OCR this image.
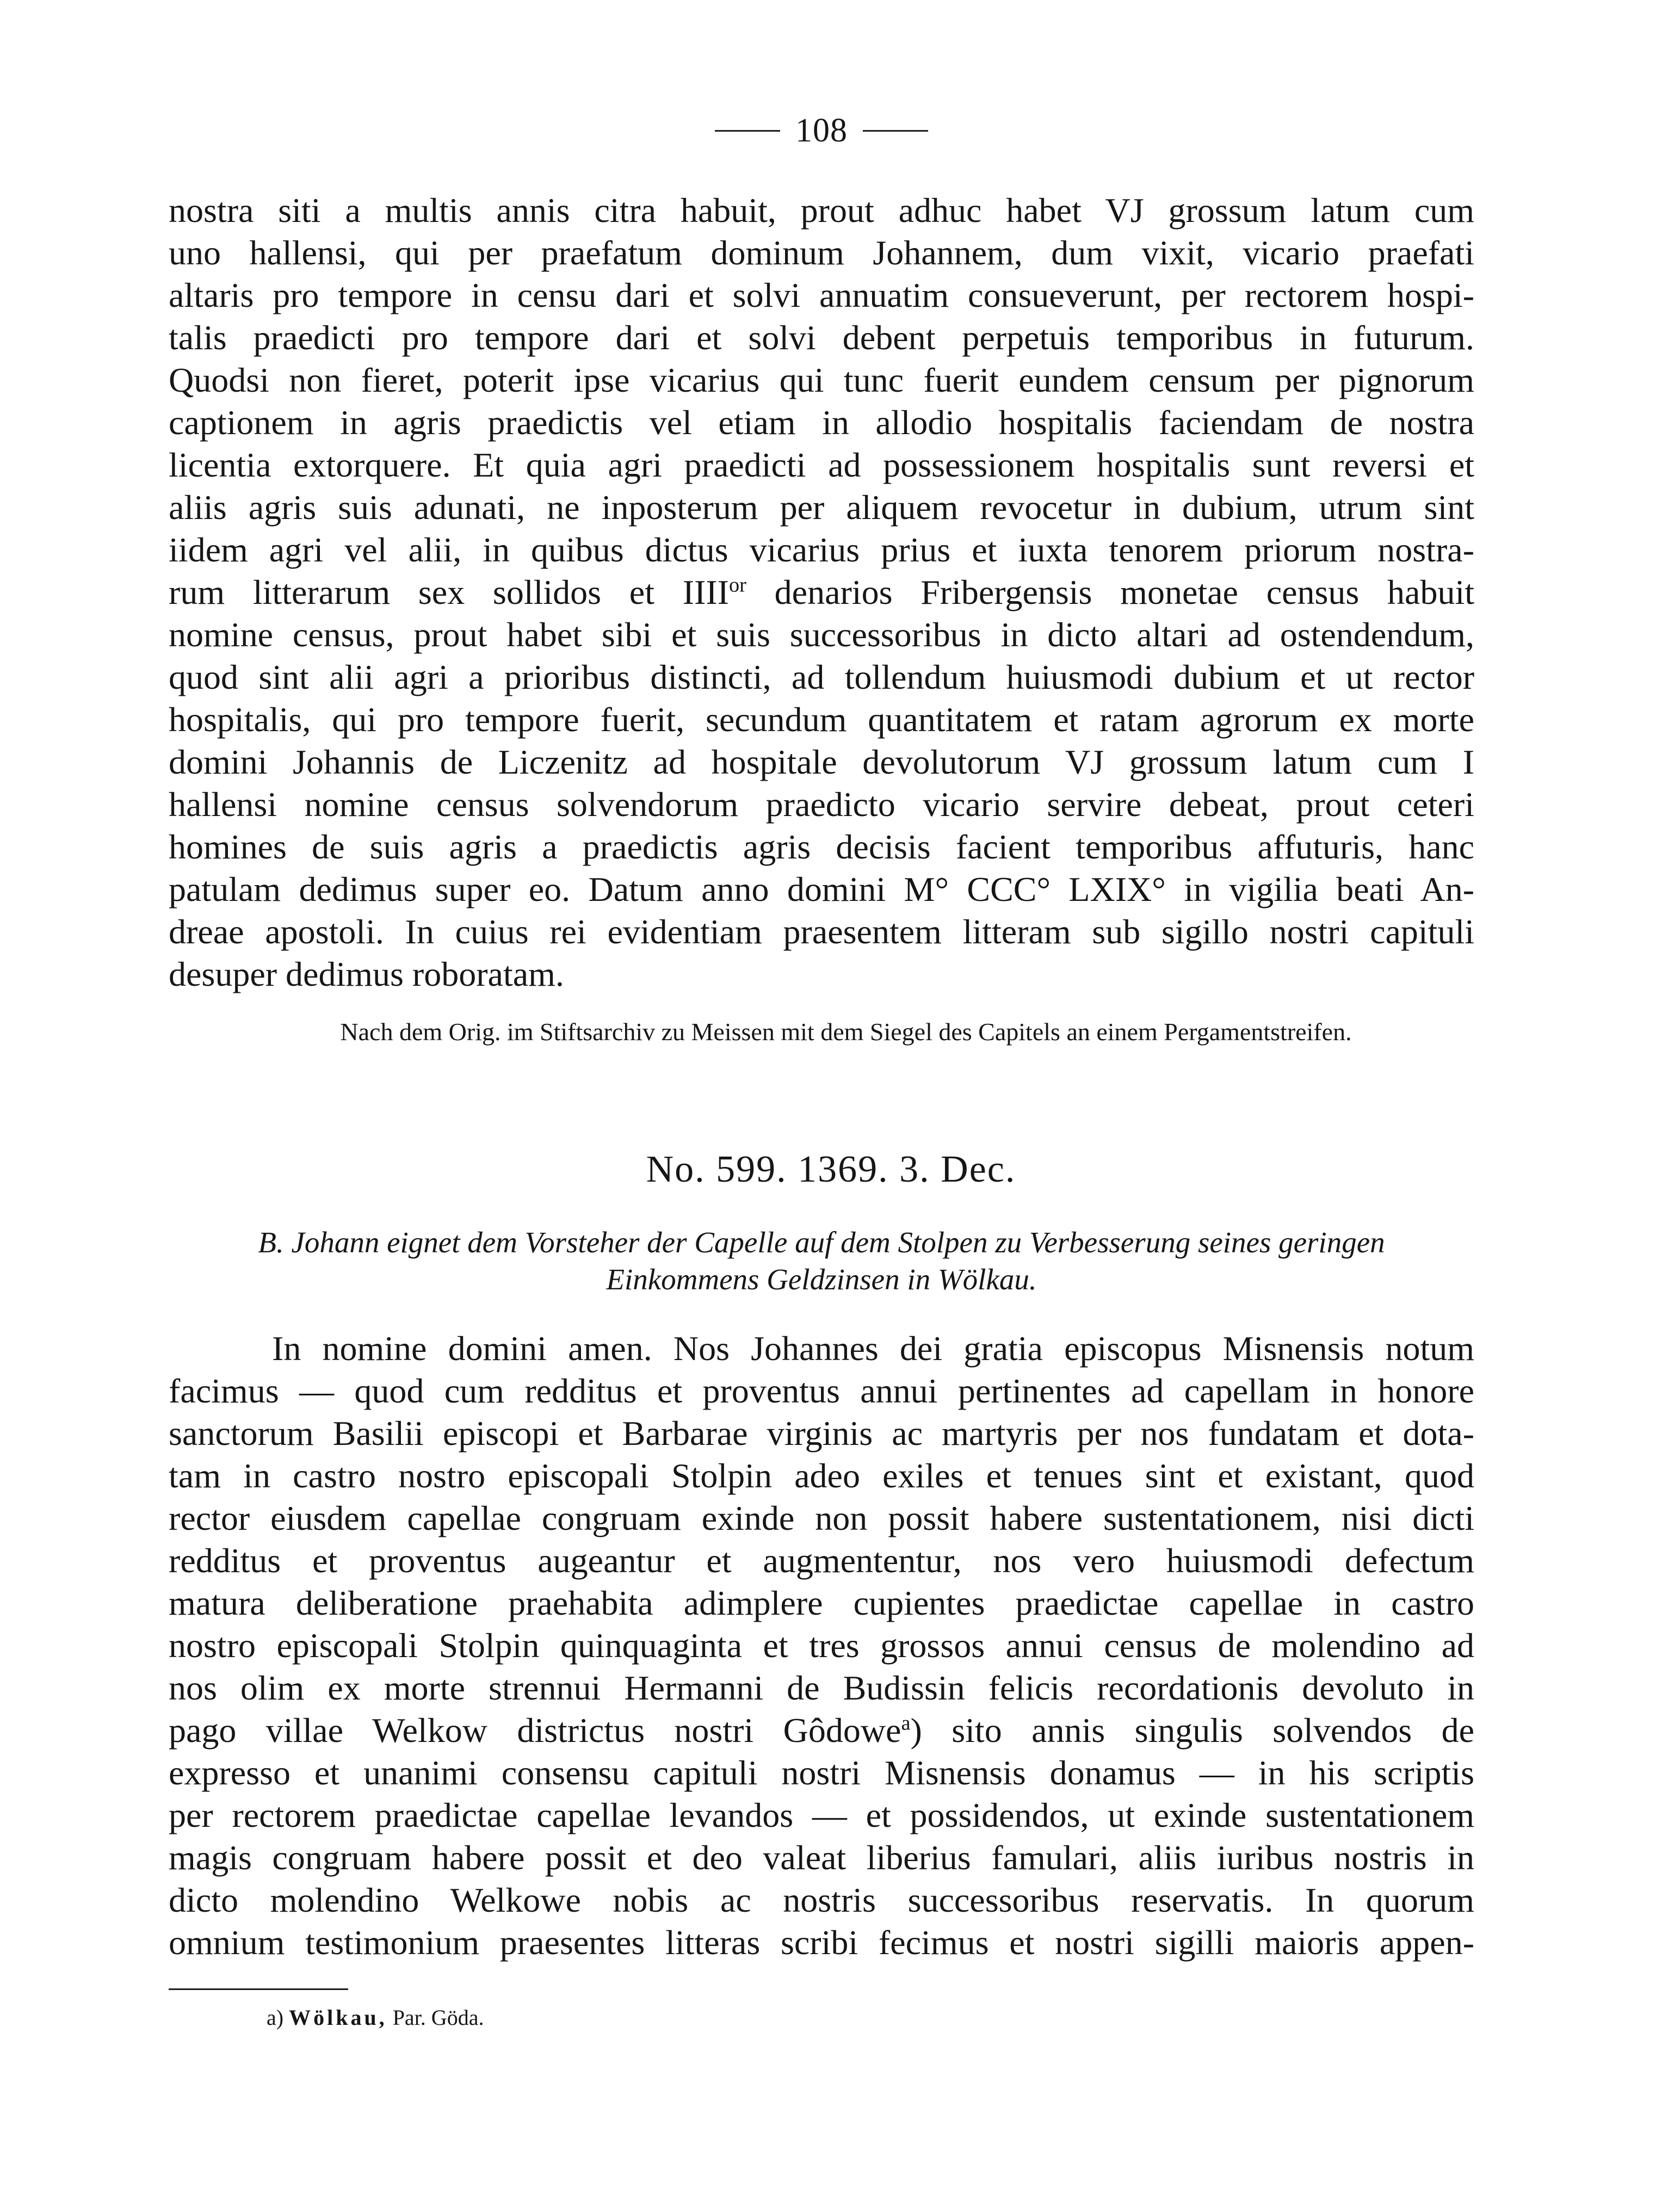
108
nostra siti a multis annis citra habuit, prout adhuc habet VJ grossum latum cum
uno hallensi, qui per praefatum dominum Johannem, dum vixit, vicario praefati
altaris pro tempore in censu dari et solvi annuatim consueverunt, per rectorem hospi-
talis praedicti pro tempore dari et solvi debent perpetuis temporibus in futurum.
Quodsi non fieret, poterit ipse vicarius qui tunc fuerit eundem censum per pignorum
captionem in agris praedictis vel etiam in allodio hospitalis faciendam de nostra
licentia extorquere. Et quia agri praedicti ad possessionem hospitalis sunt reversi et
aliis agris suis adunati, ne inposterum per aliquem revocetur in dubium, utrum sint
iidem agri vel alii, in quibus dictus vicarius prius et iuxta tenorem priorum nostra-
rum litterarum sex sollidos et $IIII^{or}$ denarios Fribergensis monetae census habuit
nomine census, prout habet sibi et suis successoribus in dicto altari ad ostendendum,
quod sint alii agri a prioribus distincti, ad tollendum huiusmodi dubium et ut rector
hospitalis, qui pro tempore fuerit, secundum quantitatem et ratam agrorum ex morte
domini Johannis de Liczenitz ad hospitale devolutorum VJ grossum latum cum I
hallensi nomine census solvendorum praedicto vicario servire debeat, prout ceteri
homines de suis agris a praedictis agris decisis facient temporibus affuturis, hanc
patulam dedimus super eo. Datum anno domini M° CCC° LXIX° in vigilia beati An-
dreae apostoli. In cuius rei evidentiam praesentem litteram sub sigillo nostri capituli
desuper dedimus roboratam.
Nach dem Orig. im Stiftsarchiv zu Meissen mit dem Siegel des Capitels an einem Pergamentstreifen.
No. 599. 1369. 3. Dec.
B. Johann eignet dem Vorsteher der Capelle auf dem Stolpen zu Verbesserung seines geringen
Einkommens Geldzinsen in Wölkau.
In nomine domini amen. Nos Johannes dei gratia episcopus Misnensis notum
facimus — quod cum redditus et proventus annui pertinentes ad capellam in honore
sanctorum Basilii episcopi et Barbarae virginis ac martyris per nos fundatam et dota-
tam in castro nostro episcopali Stolpin adeo exiles et tenues sint et existant, quod
rector eiusdem capellae congruam exinde non possit habere sustentationem, nisi dicti
redditus et proventus augeantur et augmententur, nos vero huiusmodi defectum
matura deliberatione praehabita adimplere cupientes praedictae capellae in castro
nostro episcopali Stolpin quinquaginta et tres grossos annui census de molendino ad
nos olim ex morte strennui Hermanni de Budissin felicis recordationis devoluto in
pago villae Welkow districtus nostri Gôdowe$^a$) sito annis singulis solvendos de
expresso et unanimi consensu capituli nostri Misnensis donamus — in his scriptis
per rectorem praedictae capellae levandos — et possidendos, ut exinde sustentationem
magis congruam habere possit et deo valeat liberius famulari, aliis iuribus nostris in
dicto molendino Welkowe nobis ac nostris successoribus reservatis. In quorum
omnium testimonium praesentes litteras scribi fecimus et nostri sigilli maioris appen-
a) Wölkau, Par. Göda.
